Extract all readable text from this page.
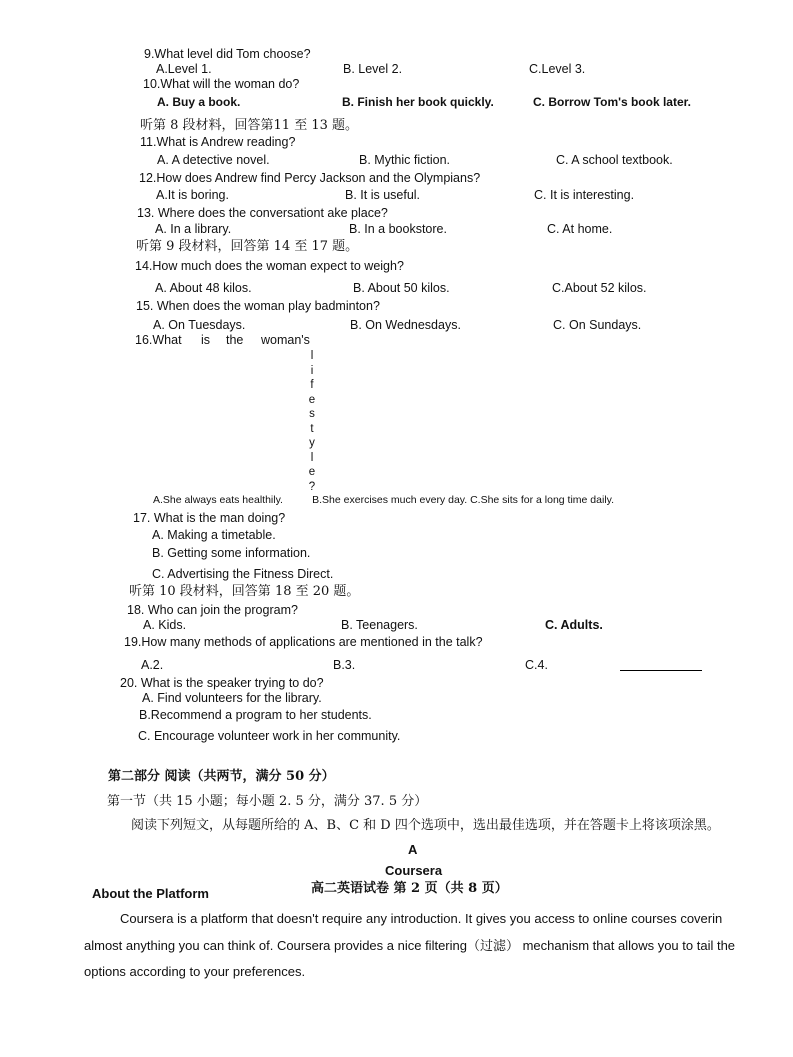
9.What level did Tom choose?
A.Level 1.	B. Level 2.	C.Level 3.
10.What will the woman do?
A. Buy a book.	B. Finish her book quickly.	C. Borrow Tom's book later.
听第 8 段材料，回答第11 至 13 题。
11.What is Andrew reading?
A. A detective novel.	B. Mythic fiction.	C. A school textbook.
12.How does Andrew find Percy Jackson and the Olympians?
A.It is boring.	B. It is useful.	C. It is interesting.
13. Where does the conversationt ake place?
A. In a library.	B. In a bookstore.	C. At home.
听第 9 段材料，回答第 14 至 17 题。
14.How much does the woman expect to weigh?
A. About 48 kilos.	B. About 50 kilos.	C.About 52 kilos.
15. When does the woman play badminton?
A. On Tuesdays.	B. On Wednesdays.	C. On Sundays.
16.What is the woman's
l
i
f
e
s
t
y
l
e
?
A.She always eats healthily.          B.She exercises much every day. C.She sits for a long time daily.
17. What is the man doing?
A. Making a timetable.
B. Getting some information.
C. Advertising the Fitness Direct.
听第 10 段材料，回答第 18 至 20 题。
18. Who can join the program?
A. Kids.	B. Teenagers.	C. Adults.
19.How many methods of applications are mentioned in the talk?
A.2.	B.3.	C.4.
20. What is the speaker trying to do?
A. Find volunteers for the library.
B.Recommend a program to her students.
C. Encourage volunteer work in her community.
第二部分 阅读（共两节，满分 50 分）
第一节（共 15 小题；每小题 2. 5 分，满分 37. 5 分）
阅读下列短文，从每题所给的 A、B、C 和 D 四个选项中，选出最佳选项，并在答题卡上将该项涂黑。
A
Coursera
About the Platform	高二英语试卷 第 2 页（共 8 页）
Coursera is a platform that doesn't require any introduction. It gives you access to online courses coverin almost anything you can think of. Coursera provides a nice filtering（过滤） mechanism that allows you to tail the options according to your preferences.
